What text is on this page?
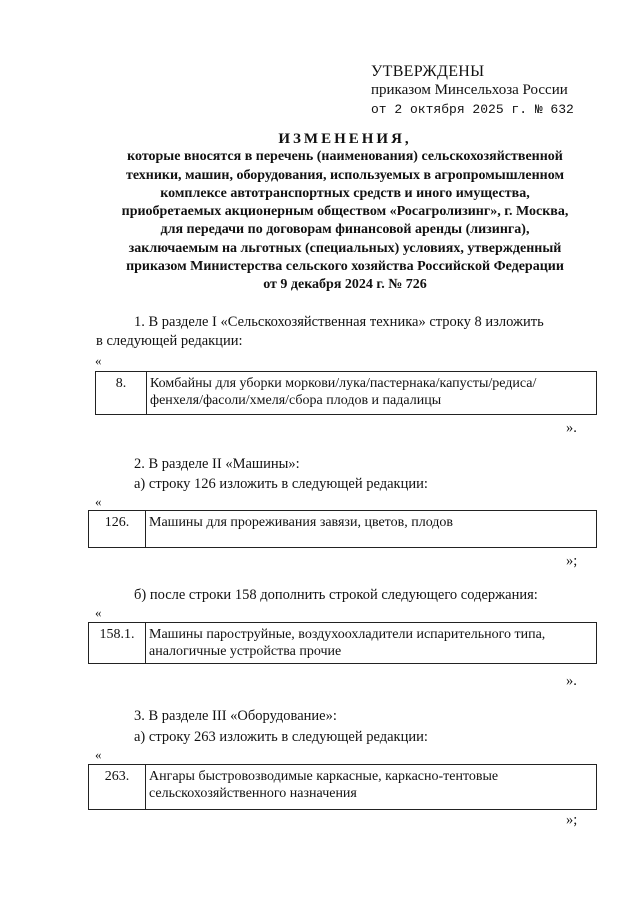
УТВЕРЖДЕНЫ
приказом Минсельхоза России
от 2 октября 2025 г. № 632
ИЗМЕНЕНИЯ,
которые вносятся в перечень (наименования) сельскохозяйственной
техники, машин, оборудования, используемых в агропромышленном
комплексе автотранспортных средств и иного имущества,
приобретаемых акционерным обществом «Росагролизинг», г. Москва,
для передачи по договорам финансовой аренды (лизинга),
заключаемым на льготных (специальных) условиях, утвержденный
приказом Министерства сельского хозяйства Российской Федерации
от 9 декабря 2024 г. № 726
1. В разделе I «Сельскохозяйственная техника» строку 8 изложить
в следующей редакции:
«
8.	Комбайны для уборки моркови/лука/пастернака/капусты/редиса/
фенхеля/фасоли/хмеля/сбора плодов и падалицы
».
2. В разделе II «Машины»:
а) строку 126 изложить в следующей редакции:
«
126.	Машины для прореживания завязи, цветов, плодов
»;
б) после строки 158 дополнить строкой следующего содержания:
«
158.1.	Машины пароструйные, воздухоохладители испарительного типа,
аналогичные устройства прочие
».
3. В разделе III «Оборудование»:
а) строку 263 изложить в следующей редакции:
«
263.	Ангары быстровозводимые каркасные, каркасно-тентовые
сельскохозяйственного назначения
»;
